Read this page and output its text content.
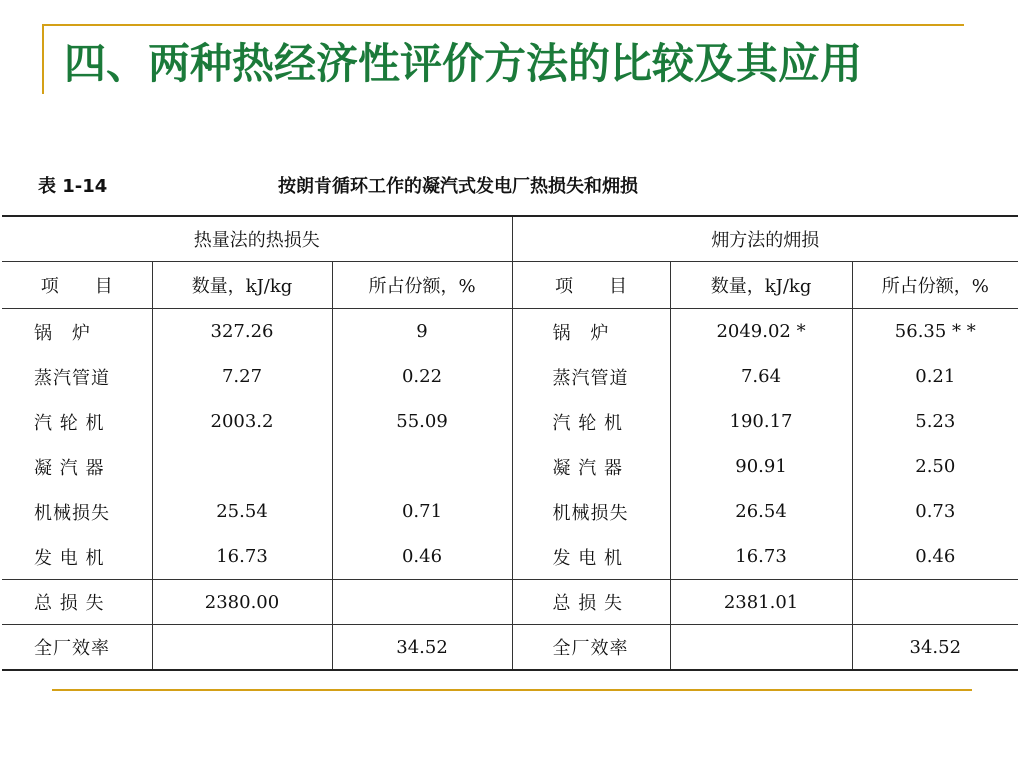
四、两种热经济性评价方法的比较及其应用
表 1-14	按朗肯循环工作的凝汽式发电厂热损失和㶲损
热量法的热损失			㶲方法的㶲损		
项　　目	数量，kJ/kg	所占份额，%	项　　目	数量，kJ/kg	所占份额，%
锅　炉	327.26	9	锅　炉	2049.02 *	56.35 * *
蒸汽管道	7.27	0.22	蒸汽管道	7.64	0.21
汽 轮 机	2003.2	55.09	汽 轮 机	190.17	5.23
凝 汽 器			凝 汽 器	90.91	2.50
机械损失	25.54	0.71	机械损失	26.54	0.73
发 电 机	16.73	0.46	发 电 机	16.73	0.46
总 损 失	2380.00		总 损 失	2381.01	
全厂效率		34.52	全厂效率		34.52
